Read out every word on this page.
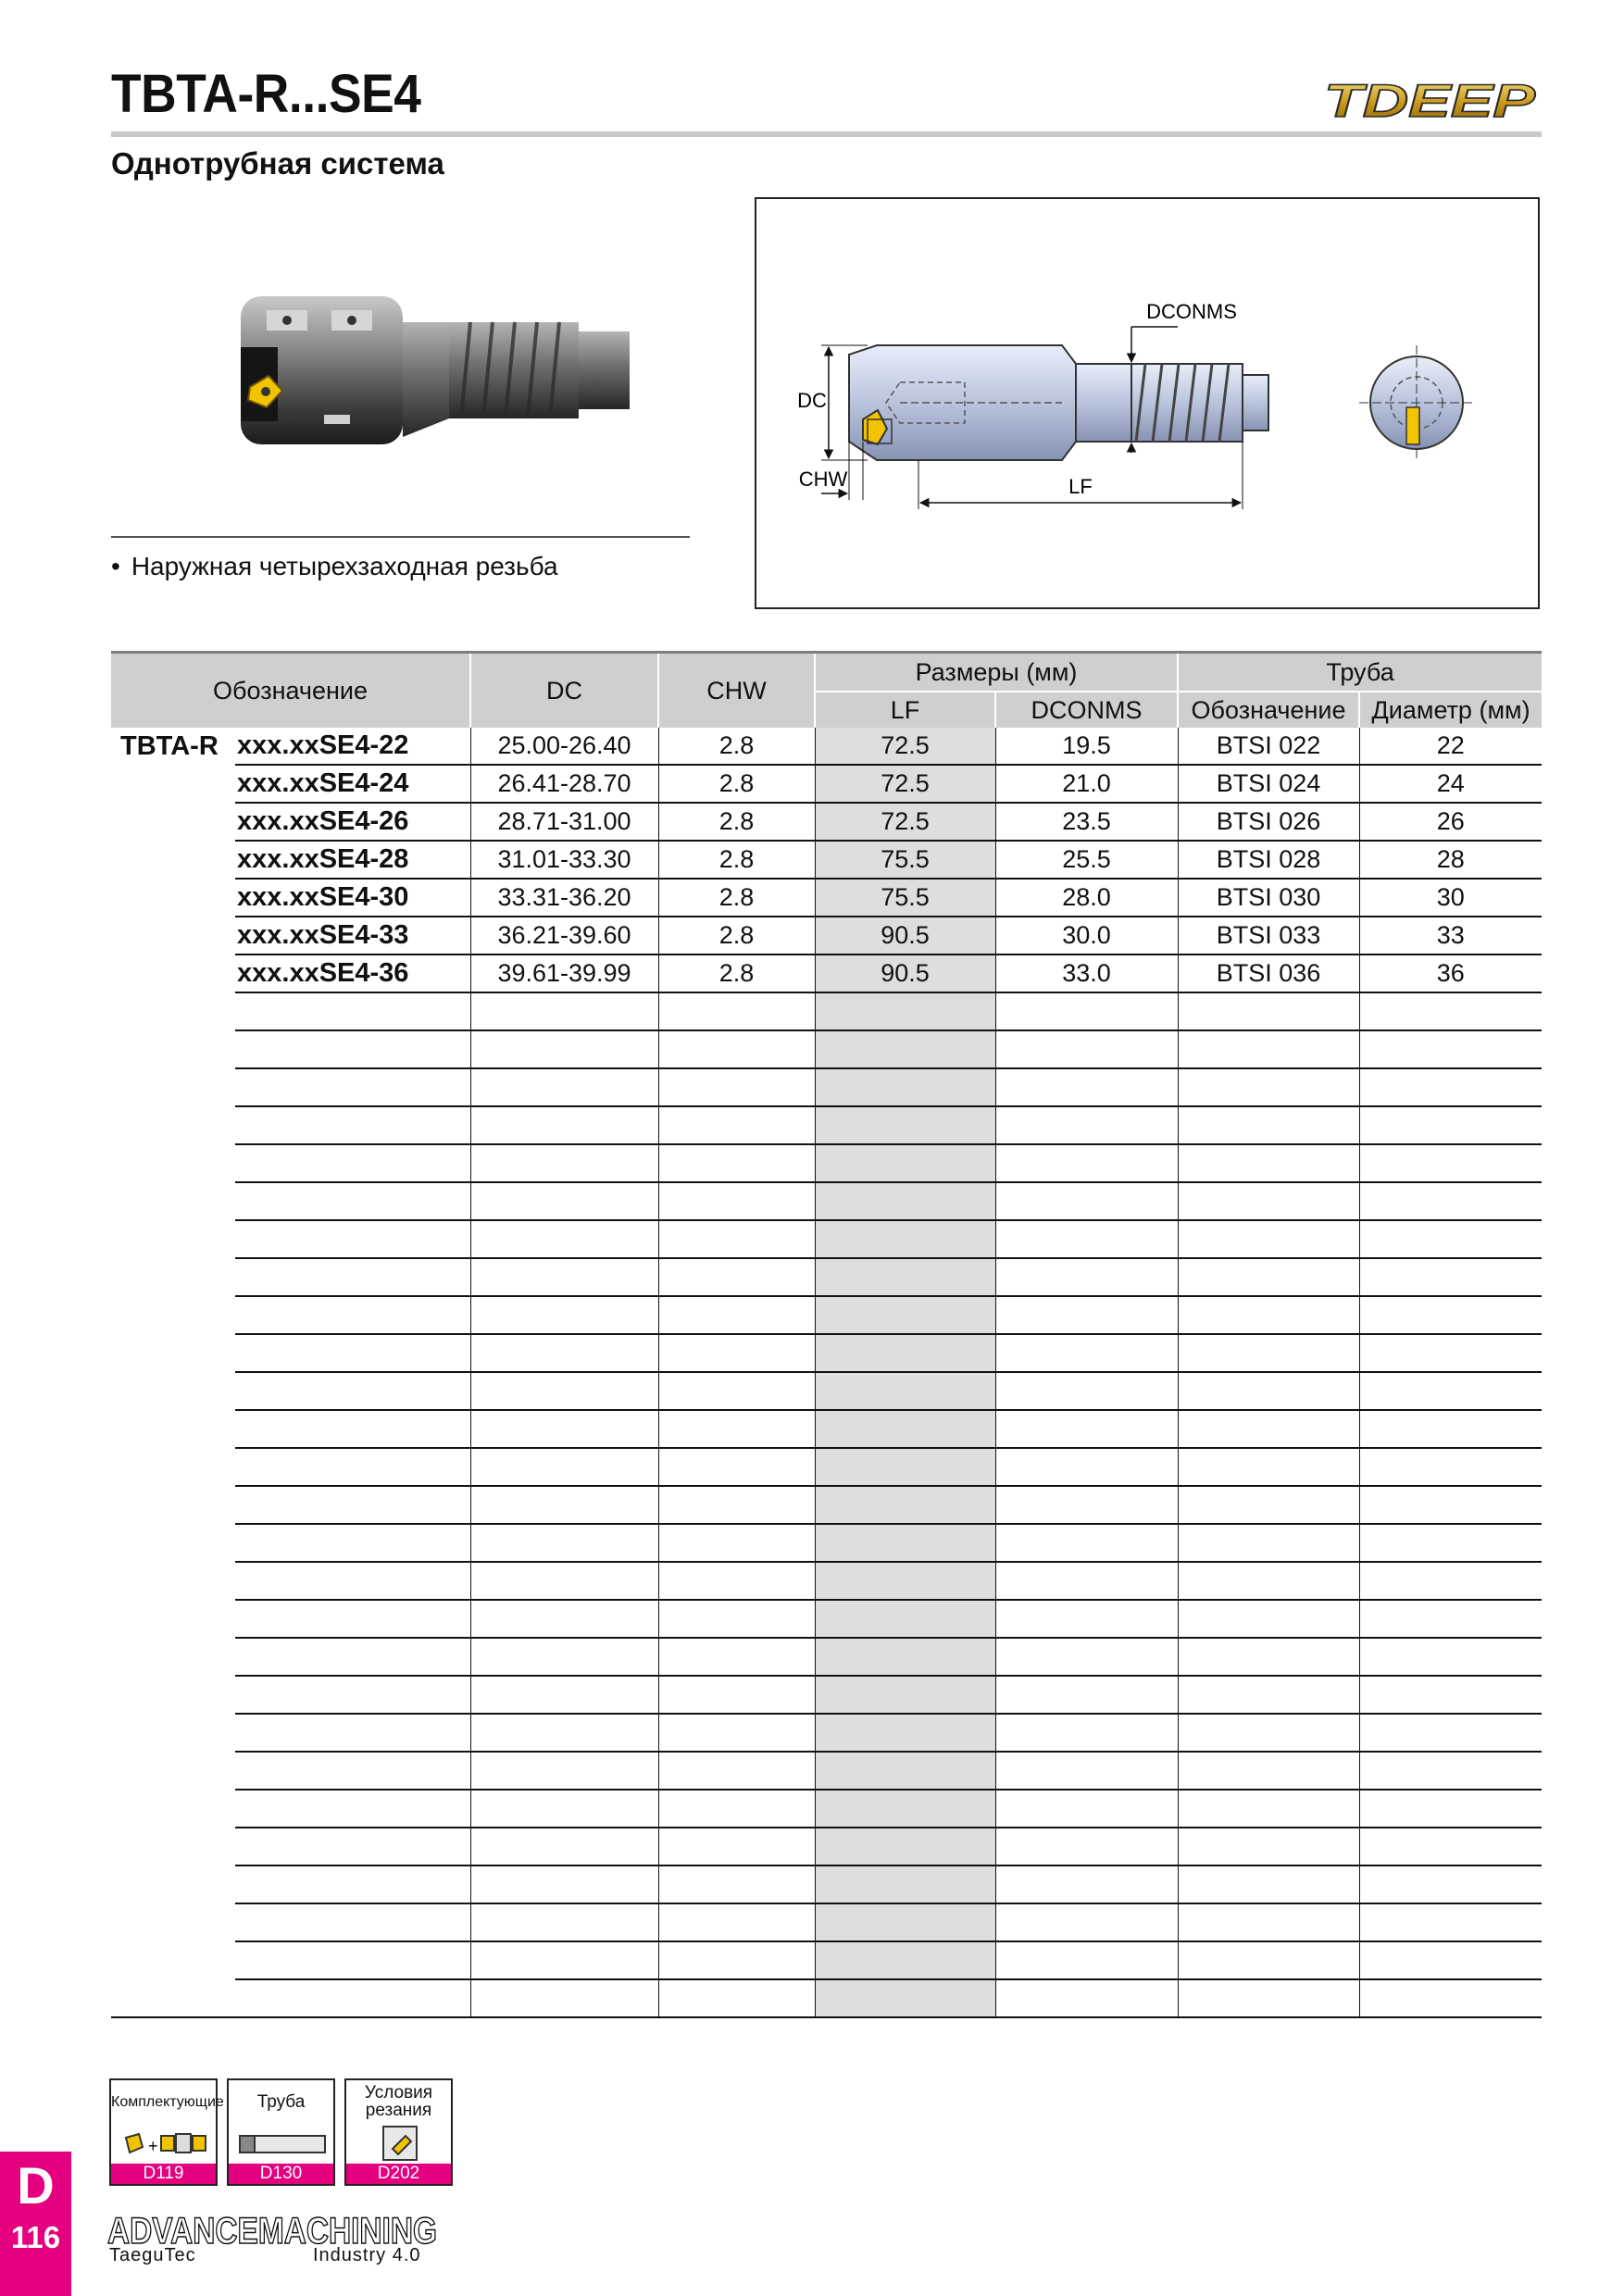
TBTA-R...SE4
Однотрубная система
TDEEP
• Наружная четырехзаходная резьба
DCONMS
DC
CHW	LF
Обозначение		DC	CHW	Размеры (мм)		Труба	
				LF	DCONMS	Обозначение	Диаметр (мм)
TBTA-R	xxx.xxSE4-22	25.00-26.40	2.8	72.5	19.5	BTSI 022	22
	xxx.xxSE4-24	26.41-28.70	2.8	72.5	21.0	BTSI 024	24
	xxx.xxSE4-26	28.71-31.00	2.8	72.5	23.5	BTSI 026	26
	xxx.xxSE4-28	31.01-33.30	2.8	75.5	25.5	BTSI 028	28
	xxx.xxSE4-30	33.31-36.20	2.8	75.5	28.0	BTSI 030	30
	xxx.xxSE4-33	36.21-39.60	2.8	90.5	30.0	BTSI 033	33
	xxx.xxSE4-36	39.61-39.99	2.8	90.5	33.0	BTSI 036	36

Комплектующие
+
D119
Труба
D130
Условия резания
D202
D
116 ADVANCEMACHINING
TaeguTec	Industry 4.0
